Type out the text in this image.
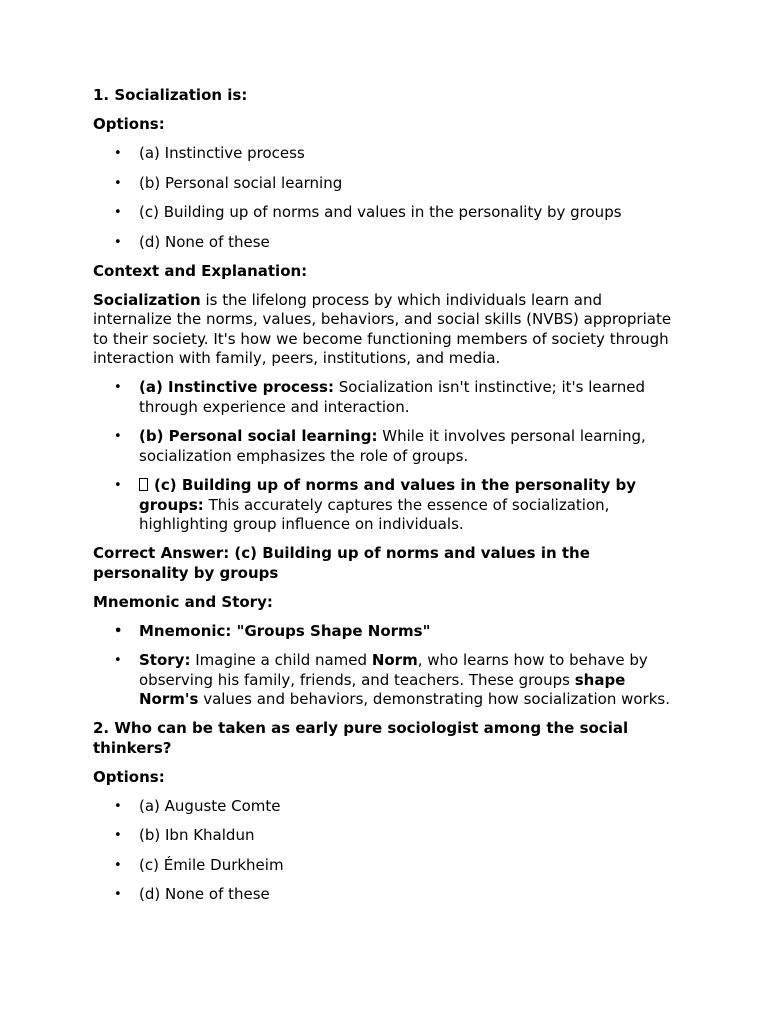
1. Socialization is:

Options:

• (a) Instinctive process
• (b) Personal social learning
• (c) Building up of norms and values in the personality by groups
• (d) None of these

Context and Explanation:

Socialization is the lifelong process by which individuals learn and internalize the norms, values, behaviors, and social skills (NVBS) appropriate to their society. It's how we become functioning members of society through interaction with family, peers, institutions, and media.

• (a) Instinctive process: Socialization isn't instinctive; it's learned through experience and interaction.
• (b) Personal social learning: While it involves personal learning, socialization emphasizes the role of groups.
• (c) Building up of norms and values in the personality by groups: This accurately captures the essence of socialization, highlighting group influence on individuals.

Correct Answer: (c) Building up of norms and values in the personality by groups

Mnemonic and Story:

• Mnemonic: "Groups Shape Norms"
• Story: Imagine a child named Norm, who learns how to behave by observing his family, friends, and teachers. These groups shape Norm's values and behaviors, demonstrating how socialization works.

2. Who can be taken as early pure sociologist among the social thinkers?

Options:

• (a) Auguste Comte
• (b) Ibn Khaldun
• (c) Émile Durkheim
• (d) None of these
